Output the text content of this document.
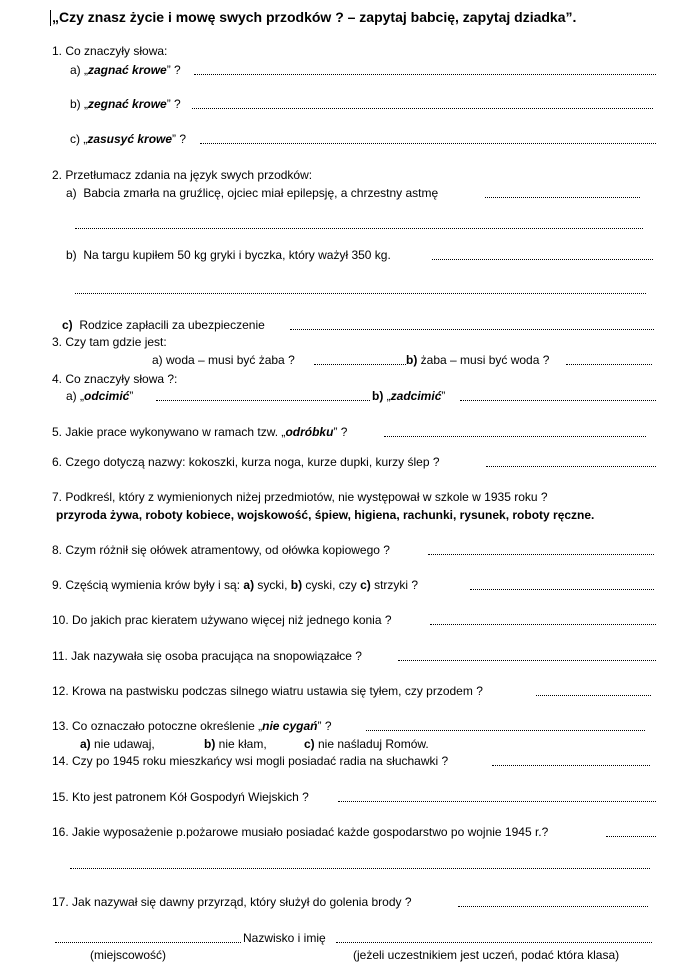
„Czy znasz życie i mowę swych przodków ? – zapytaj babcię, zapytaj dziadka”.
1. Co znaczyły słowa:
a) „zagnać krowe” ?
b) „zegnać krowe” ?
c) „zasusyć krowe” ?
2. Przetłumacz zdania na język swych przodków:
a) Babcia zmarła na gruźlicę, ojciec miał epilepsję, a chrzestny astmę
b) Na targu kupiłem 50 kg gryki i byczka, który ważył 350 kg.
c) Rodzice zapłacili za ubezpieczenie
3. Czy tam gdzie jest:
a) woda – musi być żaba ?	b) żaba – musi być woda ?
4. Co znaczyły słowa ?:
a) „odcimić”	b) „zadcimić”
5. Jakie prace wykonywano w ramach tzw. „odróbku” ?
6. Czego dotyczą nazwy: kokoszki, kurza noga, kurze dupki, kurzy ślep ?
7. Podkreśl, który z wymienionych niżej przedmiotów, nie występował w szkole w 1935 roku ?
przyroda żywa, roboty kobiece, wojskowość, śpiew, higiena, rachunki, rysunek, roboty ręczne.
8. Czym różnił się ołówek atramentowy, od ołówka kopiowego ?
9. Częścią wymienia krów były i są: a) sycki, b) cyski, czy c) strzyki ?
10. Do jakich prac kieratem używano więcej niż jednego konia ?
11. Jak nazywała się osoba pracująca na snopowiązałce ?
12. Krowa na pastwisku podczas silnego wiatru ustawia się tyłem, czy przodem ?
13. Co oznaczało potoczne określenie „nie cygań” ?
a) nie udawaj,	b) nie kłam,	c) nie naśladuj Romów.
14. Czy po 1945 roku mieszkańcy wsi mogli posiadać radia na słuchawki ?
15. Kto jest patronem Kół Gospodyń Wiejskich ?
16. Jakie wyposażenie p.pożarowe musiało posiadać każde gospodarstwo po wojnie 1945 r.?
17. Jak nazywał się dawny przyrząd, który służył do golenia brody ?
Nazwisko i imię
(miejscowość)	(jeżeli uczestnikiem jest uczeń, podać która klasa)
